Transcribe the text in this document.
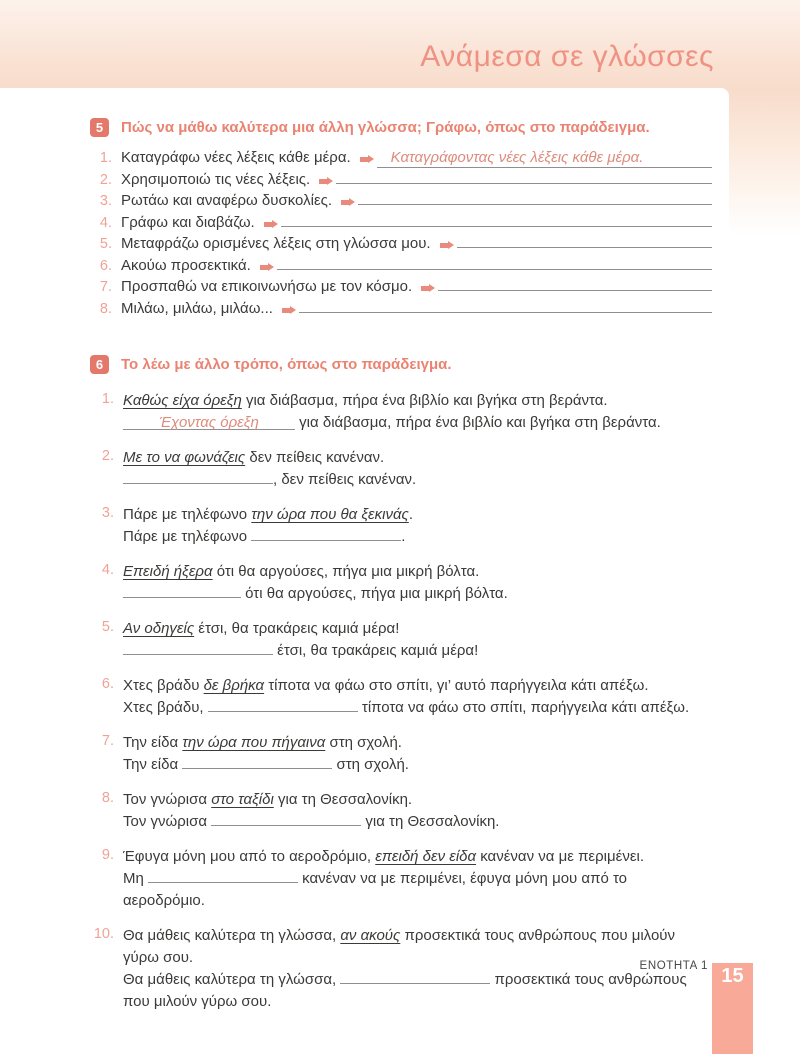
Ανάμεσα σε γλώσσες
5	Πώς να μάθω καλύτερα μια άλλη γλώσσα; Γράφω, όπως στο παράδειγμα.
1. Καταγράφω νέες λέξεις κάθε μέρα.	Καταγράφοντας νέες λέξεις κάθε μέρα.
2. Χρησιμοποιώ τις νέες λέξεις.
3. Ρωτάω και αναφέρω δυσκολίες.
4. Γράφω και διαβάζω.
5. Μεταφράζω ορισμένες λέξεις στη γλώσσα μου.
6. Ακούω προσεκτικά.
7. Προσπαθώ να επικοινωνήσω με τον κόσμο.
8. Μιλάω, μιλάω, μιλάω...
6	Το λέω με άλλο τρόπο, όπως στο παράδειγμα.
1. Καθώς είχα όρεξη για διάβασμα, πήρα ένα βιβλίο και βγήκα στη βεράντα.
Έχοντας όρεξη για διάβασμα, πήρα ένα βιβλίο και βγήκα στη βεράντα.
2. Με το να φωνάζεις δεν πείθεις κανέναν.
, δεν πείθεις κανέναν.
3. Πάρε με τηλέφωνο την ώρα που θα ξεκινάς.
Πάρε με τηλέφωνο	.
4. Επειδή ήξερα ότι θα αργούσες, πήγα μια μικρή βόλτα.
ότι θα αργούσες, πήγα μια μικρή βόλτα.
5. Αν οδηγείς έτσι, θα τρακάρεις καμιά μέρα!
έτσι, θα τρακάρεις καμιά μέρα!
6. Χτες βράδυ δε βρήκα τίποτα να φάω στο σπίτι, γι’ αυτό παρήγγειλα κάτι απέξω.
Χτες βράδυ,	τίποτα να φάω στο σπίτι, παρήγγειλα κάτι απέξω.
7. Την είδα την ώρα που πήγαινα στη σχολή.
Την είδα	στη σχολή.
8. Τον γνώρισα στο ταξίδι για τη Θεσσαλονίκη.
Τον γνώρισα	για τη Θεσσαλονίκη.
9. Έφυγα μόνη μου από το αεροδρόμιο, επειδή δεν είδα κανέναν να με περιμένει.
Μη	κανέναν να με περιμένει, έφυγα μόνη μου από το αεροδρόμιο.
10. Θα μάθεις καλύτερα τη γλώσσα, αν ακούς προσεκτικά τους ανθρώπους που μιλούν γύρω σου.
Θα μάθεις καλύτερα τη γλώσσα,	προσεκτικά τους ανθρώπους που μιλούν γύρω σου.
ΕΝΟΤΗΤΑ 1 15
